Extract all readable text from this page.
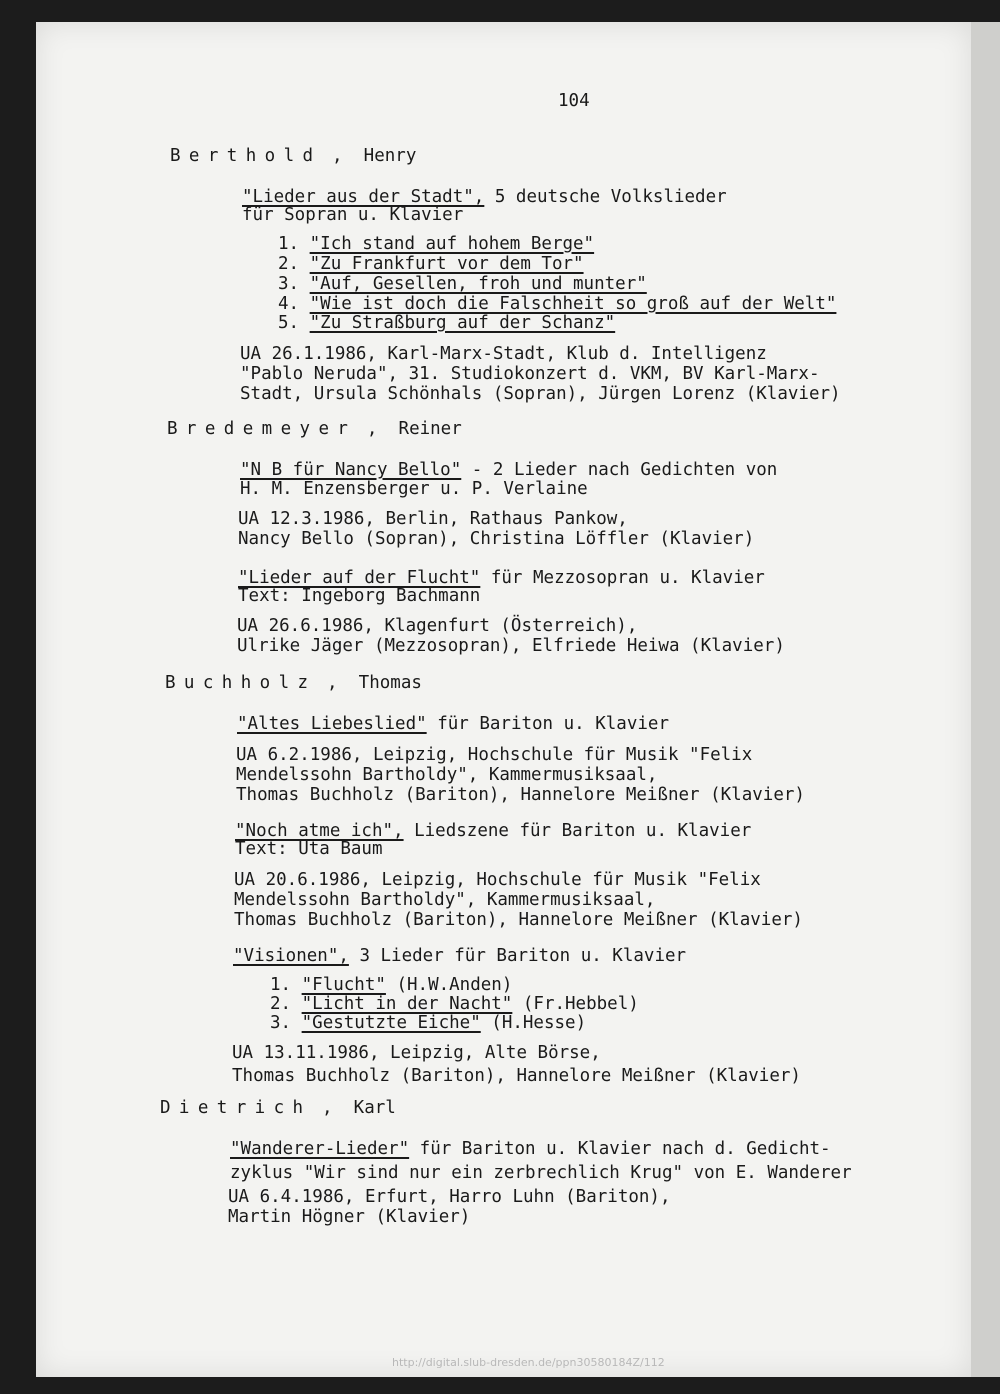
104
Berthold , Henry
"Lieder aus der Stadt", 5 deutsche Volkslieder
für Sopran u. Klavier
1. "Ich stand auf hohem Berge"
2. "Zu Frankfurt vor dem Tor"
3. "Auf, Gesellen, froh und munter"
4. "Wie ist doch die Falschheit so groß auf der Welt"
5. "Zu Straßburg auf der Schanz"
UA 26.1.1986, Karl-Marx-Stadt, Klub d. Intelligenz
"Pablo Neruda", 31. Studiokonzert d. VKM, BV Karl-Marx-
Stadt, Ursula Schönhals (Sopran), Jürgen Lorenz (Klavier)
Bredemeyer , Reiner
"N B für Nancy Bello" - 2 Lieder nach Gedichten von
H. M. Enzensberger u. P. Verlaine
UA 12.3.1986, Berlin, Rathaus Pankow,
Nancy Bello (Sopran), Christina Löffler (Klavier)
"Lieder auf der Flucht" für Mezzosopran u. Klavier
Text: Ingeborg Bachmann
UA 26.6.1986, Klagenfurt (Österreich),
Ulrike Jäger (Mezzosopran), Elfriede Heiwa (Klavier)
Buchholz , Thomas
"Altes Liebeslied" für Bariton u. Klavier
UA 6.2.1986, Leipzig, Hochschule für Musik "Felix
Mendelssohn Bartholdy", Kammermusiksaal,
Thomas Buchholz (Bariton), Hannelore Meißner (Klavier)
"Noch atme ich", Liedszene für Bariton u. Klavier
Text: Uta Baum
UA 20.6.1986, Leipzig, Hochschule für Musik "Felix
Mendelssohn Bartholdy", Kammermusiksaal,
Thomas Buchholz (Bariton), Hannelore Meißner (Klavier)
"Visionen", 3 Lieder für Bariton u. Klavier
1. "Flucht" (H.W.Anden)
2. "Licht in der Nacht" (Fr.Hebbel)
3. "Gestutzte Eiche" (H.Hesse)
UA 13.11.1986, Leipzig, Alte Börse,
Thomas Buchholz (Bariton), Hannelore Meißner (Klavier)
Dietrich , Karl
"Wanderer-Lieder" für Bariton u. Klavier nach d. Gedicht-
zyklus "Wir sind nur ein zerbrechlich Krug" von E. Wanderer
UA 6.4.1986, Erfurt, Harro Luhn (Bariton),
Martin Högner (Klavier)
http://digital.slub-dresden.de/ppn30580184Z/112
